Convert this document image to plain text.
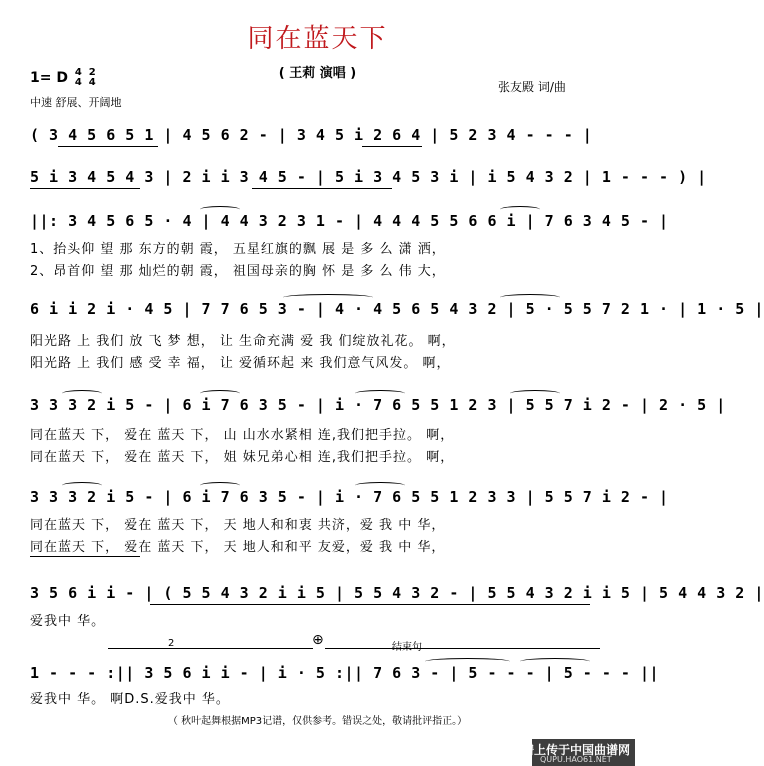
同在蓝天下
( 王莉 演唱 )
1= D 4
4 2
4
中速 舒展、开阔地
张友殿 词/曲
( 3 4 5 6 5 1 | 4 5 6 2 - | 3 4 5 i 2 6 4 | 5 2 3 4 - - - |
5 i 3 4 5 4 3 | 2 i i 3 4 5 - | 5 i 3 4 5 3 i | i 5 4 3 2 | 1 - - - ) |
||: 3 4 5 6 5 · 4 | 4 4 3 2 3 1 - | 4 4 4 5 5 6 6 i | 7 6 3 4 5 - |
1、抬头仰 望 那 东方的朝 霞， 五星红旗的飘 展 是 多 么 潇 洒，
2、昂首仰 望 那 灿烂的朝 霞， 祖国母亲的胸 怀 是 多 么 伟 大，
6 i i 2 i · 4 5 | 7 7 6 5 3 - | 4 · 4 5 6 5 4 3 2 | 5 · 5 5 7 2 1 · | 1 · 5 |
阳光路 上 我们 放 飞 梦 想， 让 生命充满 爱 我 们绽放礼花。 啊，
阳光路 上 我们 感 受 幸 福， 让 爱循环起 来 我们意气风发。 啊，
3 3 3 2 i 5 - | 6 i 7 6 3 5 - | i · 7 6 5 5 1 2 3 | 5 5 7 i 2 - | 2 · 5 |
同在蓝天 下， 爱在 蓝天 下， 山 山水水紧相 连,我们把手拉。 啊，
同在蓝天 下， 爱在 蓝天 下， 姐 妹兄弟心相 连,我们把手拉。 啊，
3 3 3 2 i 5 - | 6 i 7 6 3 5 - | i · 7 6 5 5 1 2 3 3 | 5 5 7 i 2 - |
同在蓝天 下， 爱在 蓝天 下， 天 地人和和衷 共济，爱 我 中 华，
同在蓝天 下， 爱在 蓝天 下， 天 地人和和平 友爱，爱 我 中 华，
3 5 6 i i - | ( 5 5 4 3 2 i i 5 | 5 5 4 3 2 - | 5 5 4 3 2 i i 5 | 5 4 4 3 2 |
爱我中 华。
2	⊕	结束句
1 - - - :|| 3 5 6 i i - | i · 5 :|| 7 6 3 - | 5 - - - | 5 - - - ||
爱我中 华。 啊D.S.爱我中 华。
（ 秋叶起舞根据MP3记谱，仅供参考。错误之处，敬请批评指正。）
曲谱上传于中国曲谱网
QUPU.HAO61.NET
